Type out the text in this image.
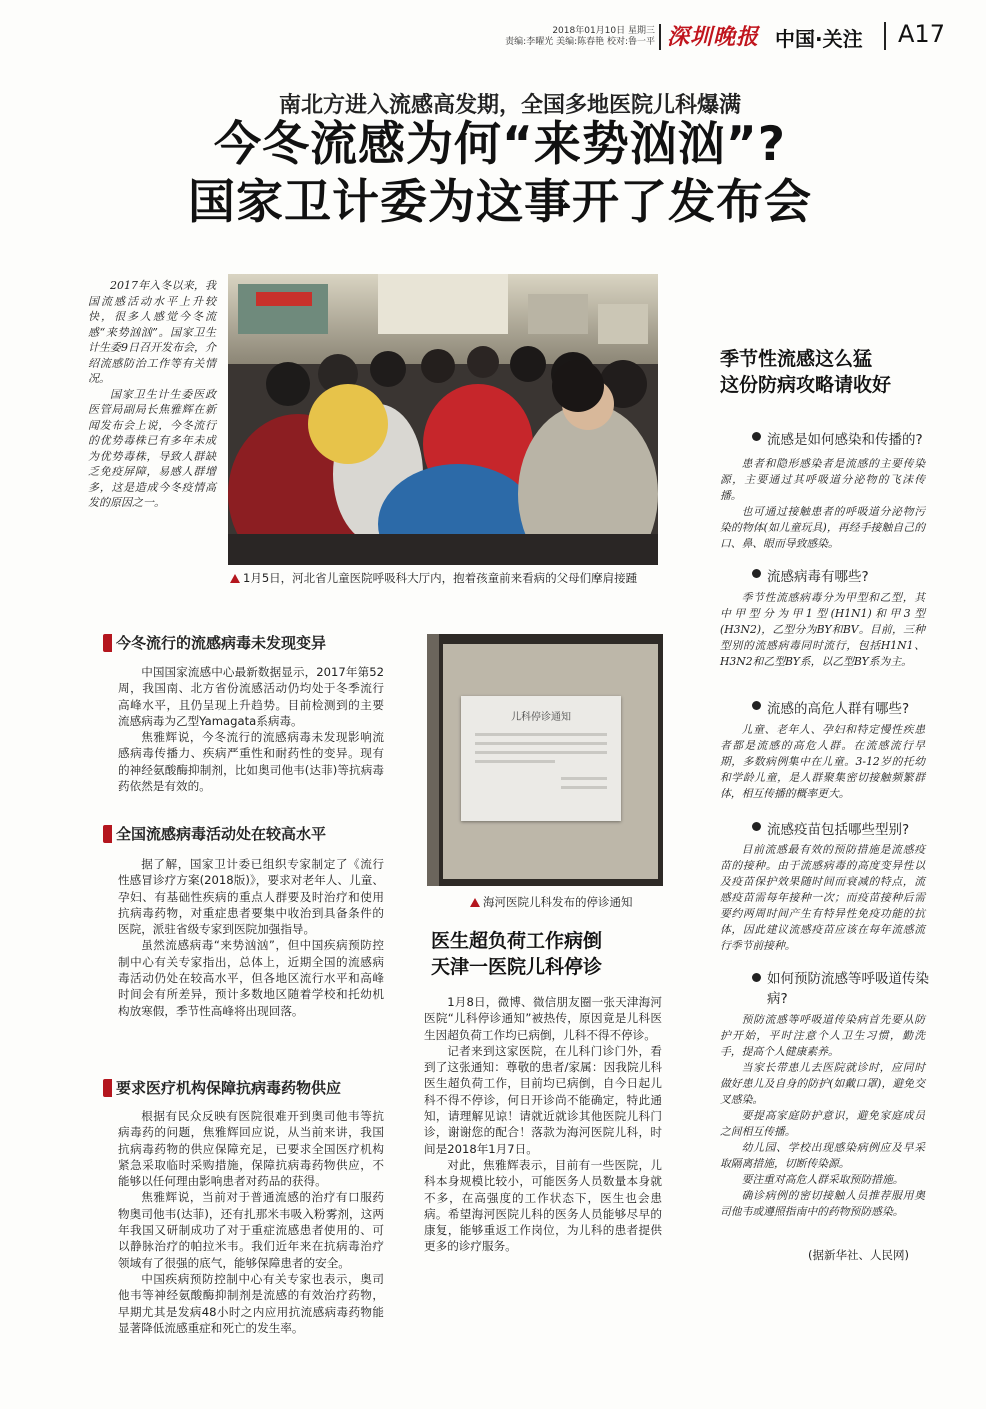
2018年01月10日 星期三
责编:李曜光 美编:陈春艳 校对:鲁一平 深圳晚报 中国·关注 A17
南北方进入流感高发期，全国多地医院儿科爆满
今冬流感为何“来势汹汹”?
国家卫计委为这事开了发布会

2017年入冬以来，我国流感活动水平上升较快，很多人感觉今冬流感“来势汹汹”。国家卫生计生委9日召开发布会，介绍流感防治工作等有关情况。

国家卫生计生委医政医管局副局长焦雅辉在新闻发布会上说，今冬流行的优势毒株已有多年未成为优势毒株，导致人群缺乏免疫屏障，易感人群增多，这是造成今冬疫情高发的原因之一。

1月5日，河北省儿童医院呼吸科大厅内，抱着孩童前来看病的父母们摩肩接踵
今冬流行的流感病毒未发现变异

中国国家流感中心最新数据显示，2017年第52周，我国南、北方省份流感活动仍均处于冬季流行高峰水平，且仍呈现上升趋势。目前检测到的主要流感病毒为乙型Yamagata系病毒。

焦雅辉说，今冬流行的流感病毒未发现影响流感病毒传播力、疾病严重性和耐药性的变异。现有的神经氨酸酶抑制剂，比如奥司他韦(达菲)等抗病毒药依然是有效的。

全国流感病毒活动处在较高水平

据了解，国家卫计委已组织专家制定了《流行性感冒诊疗方案(2018版)》，要求对老年人、儿童、孕妇、有基础性疾病的重点人群要及时治疗和使用抗病毒药物，对重症患者要集中收治到具备条件的医院，派驻省级专家到医院加强指导。

虽然流感病毒“来势汹汹”，但中国疾病预防控制中心有关专家指出，总体上，近期全国的流感病毒活动仍处在较高水平，但各地区流行水平和高峰时间会有所差异，预计多数地区随着学校和托幼机构放寒假，季节性高峰将出现回落。

要求医疗机构保障抗病毒药物供应

根据有民众反映有医院很难开到奥司他韦等抗病毒药的问题，焦雅辉回应说，从当前来讲，我国抗病毒药物的供应保障充足，已要求全国医疗机构紧急采取临时采购措施，保障抗病毒药物供应，不能够以任何理由影响患者对药品的获得。

焦雅辉说，当前对于普通流感的治疗有口服药物奥司他韦(达菲)，还有扎那米韦吸入粉雾剂，这两年我国又研制成功了对于重症流感患者使用的、可以静脉治疗的帕拉米韦。我们近年来在抗病毒治疗领域有了很强的底气，能够保障患者的安全。

中国疾病预防控制中心有关专家也表示，奥司他韦等神经氨酸酶抑制剂是流感的有效治疗药物，早期尤其是发病48小时之内应用抗流感病毒药物能显著降低流感重症和死亡的发生率。

儿科停诊通知
海河医院儿科发布的停诊通知
医生超负荷工作病倒
天津一医院儿科停诊

1月8日，微博、微信朋友圈一张天津海河医院“儿科停诊通知”被热传，原因竟是儿科医生因超负荷工作均已病倒，儿科不得不停诊。

记者来到这家医院，在儿科门诊门外，看到了这张通知：尊敬的患者/家属：因我院儿科医生超负荷工作，目前均已病倒，自今日起儿科不得不停诊，何日开诊尚不能确定，特此通知，请理解见谅！请就近就诊其他医院儿科门诊，谢谢您的配合！落款为海河医院儿科，时间是2018年1月7日。

对此，焦雅辉表示，目前有一些医院，儿科本身规模比较小，可能医务人员数量本身就不多，在高强度的工作状态下，医生也会患病。希望海河医院儿科的医务人员能够尽早的康复，能够重返工作岗位，为儿科的患者提供更多的诊疗服务。

季节性流感这么猛
这份防病攻略请收好
流感是如何感染和传播的?

患者和隐形感染者是流感的主要传染源，主要通过其呼吸道分泌物的飞沫传播。

也可通过接触患者的呼吸道分泌物污染的物体(如儿童玩具)，再经手接触自己的口、鼻、眼而导致感染。

流感病毒有哪些?

季节性流感病毒分为甲型和乙型，其中甲型分为甲1型(H1N1)和甲3型(H3N2)，乙型分为BY和BV。目前，三种型别的流感病毒同时流行，包括H1N1、H3N2和乙型BY系，以乙型BY系为主。

流感的高危人群有哪些?

儿童、老年人、孕妇和特定慢性疾患者都是流感的高危人群。在流感流行早期，多数病例集中在儿童。3-12岁的托幼和学龄儿童，是人群聚集密切接触频繁群体，相互传播的概率更大。

流感疫苗包括哪些型别?

目前流感最有效的预防措施是流感疫苗的接种。由于流感病毒的高度变异性以及疫苗保护效果随时间而衰减的特点，流感疫苗需每年接种一次；而疫苗接种后需要约两周时间产生有特异性免疫功能的抗体，因此建议流感疫苗应该在每年流感流行季节前接种。

如何预防流感等呼吸道传染病?

预防流感等呼吸道传染病首先要从防护开始，平时注意个人卫生习惯，勤洗手，提高个人健康素养。

当家长带患儿去医院就诊时，应同时做好患儿及自身的防护(如戴口罩)，避免交叉感染。

要提高家庭防护意识，避免家庭成员之间相互传播。

幼儿园、学校出现感染病例应及早采取隔离措施，切断传染源。

要注重对高危人群采取预防措施。

确诊病例的密切接触人员推荐服用奥司他韦或遵照指南中的药物预防感染。

(据新华社、人民网)
